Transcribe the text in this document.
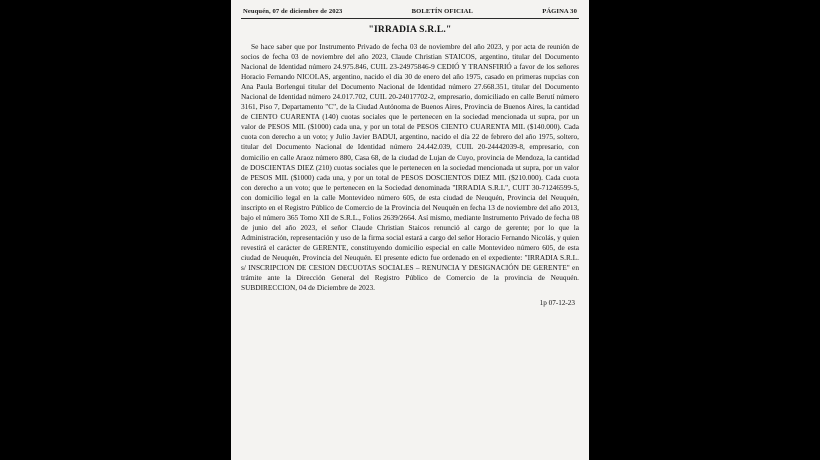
Neuquén, 07 de diciembre de 2023	BOLETÍN OFICIAL	PÁGINA 30
"IRRADIA S.R.L."
Se hace saber que por Instrumento Privado de fecha 03 de noviembre del año 2023, y por acta de reunión de socios de fecha 03 de noviembre del año 2023, Claude Christian STAICOS, argentino, titular del Documento Nacional de Identidad número 24.975.846, CUIL 23-24975846-9 CEDIÓ Y TRANSFIRIÓ a favor de los señores Horacio Fernando NICOLAS, argentino, nacido el día 30 de enero del año 1975, casado en primeras nupcias con Ana Paula Borlengui titular del Documento Nacional de Identidad número 27.668.351, titular del Documento Nacional de Identidad número 24.017.702, CUIL 20-24017702-2, empresario, domiciliado en calle Berutí número 3161, Piso 7, Departamento "C", de la Ciudad Autónoma de Buenos Aires, Provincia de Buenos Aires, la cantidad de CIENTO CUARENTA (140) cuotas sociales que le pertenecen en la sociedad mencionada ut supra, por un valor de PESOS MIL ($1000) cada una, y por un total de PESOS CIENTO CUARENTA MIL ($140.000). Cada cuota con derecho a un voto; y Julio Javier BADUI, argentino, nacido el día 22 de febrero del año 1975, soltero, titular del Documento Nacional de Identidad número 24.442.039, CUIL 20-24442039-8, empresario, con domicilio en calle Araoz número 880, Casa 68, de la ciudad de Lujan de Cuyo, provincia de Mendoza, la cantidad de DOSCIENTAS DIEZ (210) cuotas sociales que le pertenecen en la sociedad mencionada ut supra, por un valor de PESOS MIL ($1000) cada una, y por un total de PESOS DOSCIENTOS DIEZ MIL ($210.000). Cada cuota con derecho a un voto; que le pertenecen en la Sociedad denominada "IRRADIA S.R.L", CUIT 30-71246599-5, con domicilio legal en la calle Montevideo número 605, de esta ciudad de Neuquén, Provincia del Neuquén, inscripto en el Registro Público de Comercio de la Provincia del Neuquén en fecha 13 de noviembre del año 2013, bajo el número 365 Tomo XII de S.R.L., Folios 2639/2664. Así mismo, mediante Instrumento Privado de fecha 08 de junio del año 2023, el señor Claude Christian Staicos renunció al cargo de gerente; por lo que la Administración, representación y uso de la firma social estará a cargo del señor Horacio Fernando Nicolás, y quien revestirá el carácter de GERENTE, constituyendo domicilio especial en calle Montevideo número 605, de esta ciudad de Neuquén, Provincia del Neuquén. El presente edicto fue ordenado en el expediente: "IRRADIA S.R.L. s/ INSCRIPCION DE CESION DECUOTAS SOCIALES – RENUNCIA Y DESIGNACIÓN DE GERENTE" en trámite ante la Dirección General del Registro Público de Comercio de la provincia de Neuquén. SUBDIRECCION, 04 de Diciembre de 2023.
1p 07-12-23
